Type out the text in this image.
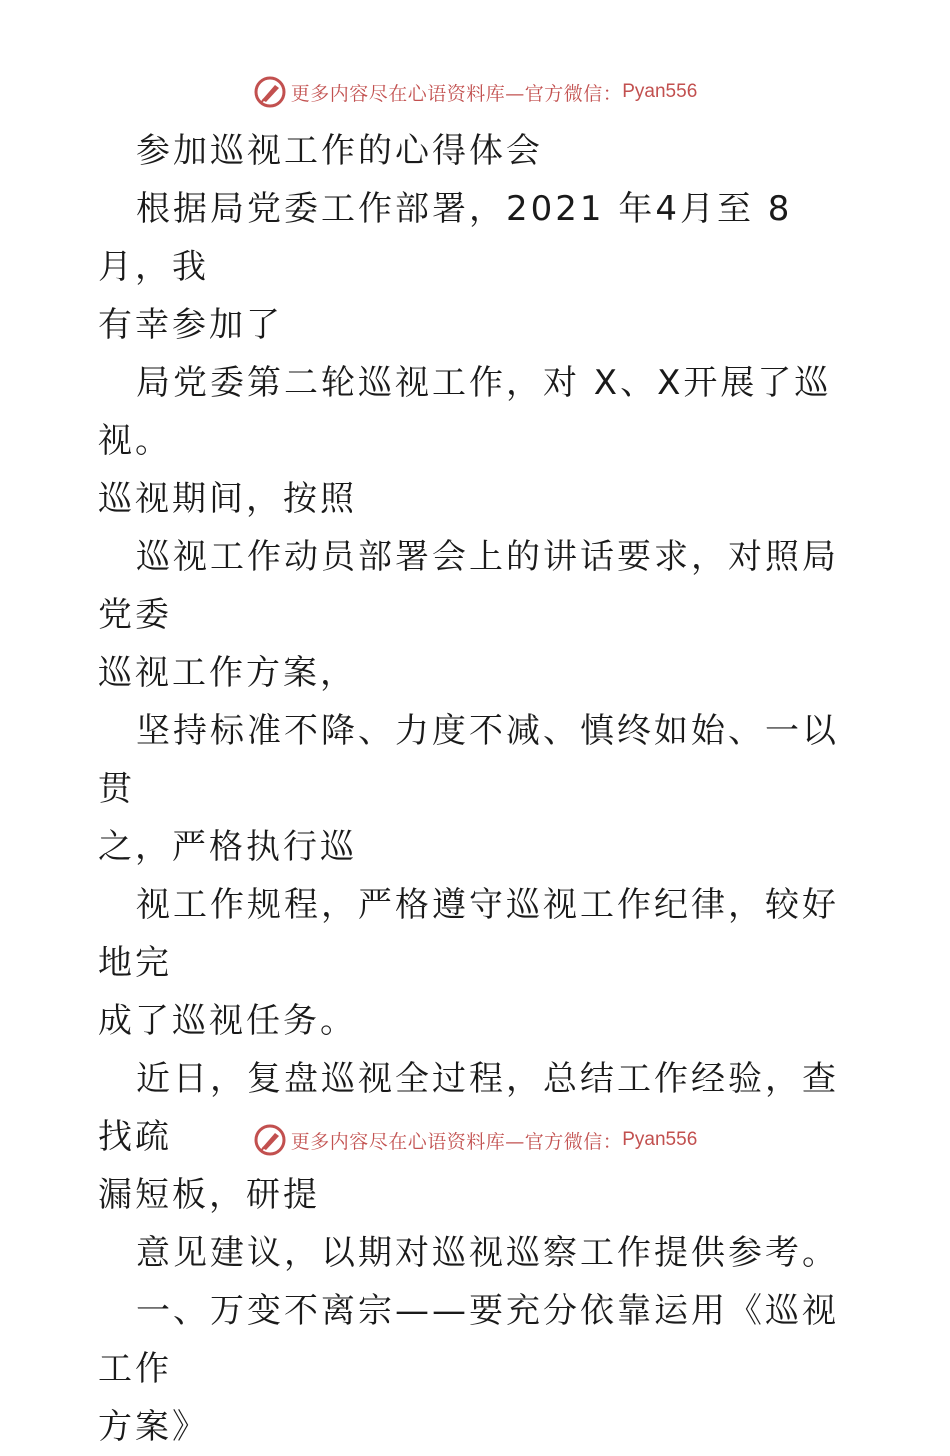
更多内容尽在心语资料库—官方微信： Pyan556

参加巡视工作的心得体会

根据局党委工作部署，2021 年4月至 8月，我

有幸参加了

局党委第二轮巡视工作，对 X、X开展了巡视。

巡视期间，按照

巡视工作动员部署会上的讲话要求，对照局党委

巡视工作方案，

坚持标准不降、力度不减、慎终如始、一以贯

之，严格执行巡

视工作规程，严格遵守巡视工作纪律，较好地完

成了巡视任务。

近日，复盘巡视全过程，总结工作经验，查找疏

漏短板，研提

意见建议，以期对巡视巡察工作提供参考。

一、万变不离宗——要充分依靠运用《巡视工作

方案》

更多内容尽在心语资料库—官方微信： Pyan556
